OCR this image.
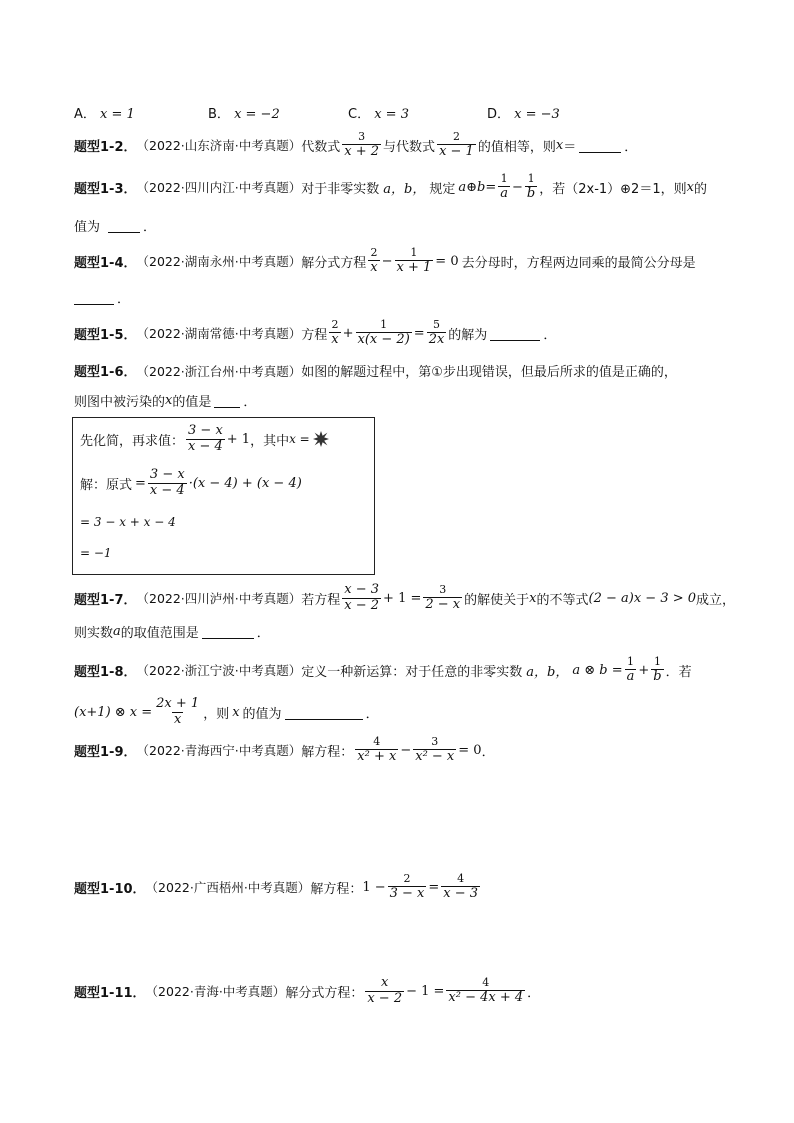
A． x = 1	B． x = −2	C． x = 3	D． x = −3
题型1-2． （2022·山东济南·中考真题） 代数式 $\frac{3}{x + 2}$ 与代数式 $\frac{2}{x - 1}$ 的值相等，则 x ＝	．
题型1-3． （2022·四川内江·中考真题） 对于非零实数 a，b， 规定 a⊕b= $\frac{1}{a} - \frac{1}{b}$ ，若（2x-1）⊕2＝1，则 x 的
值为	．
题型1-4． （2022·湖南永州·中考真题） 解分式方程 $\frac{2}{x} - \frac{1}{x + 1} = 0$ 去分母时，方程两边同乘的最简公分母是
．
题型1-5． （2022·湖南常德·中考真题） 方程 $\frac{2}{x} + \frac{1}{x(x - 2)} = \frac{5}{2x}$ 的解为	．
题型1-6． （2022·浙江台州·中考真题） 如图的解题过程中，第①步出现错误，但最后所求的值是正确的，
则图中被污染的 x 的值是 ．
先化简，再求值： $\frac{3 - x}{x - 4} + 1$ ，其中 x =
解：原式 = $\frac{3 - x}{x - 4} \cdot(x - 4) + (x - 4)$
= 3 − x + x − 4
= −1
题型1-7． （2022·四川泸州·中考真题） 若方程 $\frac{x - 3}{x - 2} + 1 = \frac{3}{2 - x}$ 的解使关于 x 的不等式 (2 − a)x − 3 > 0 成立，
则实数 a 的取值范围是	．
题型1-8． （2022·浙江宁波·中考真题） 定义一种新运算：对于任意的非零实数 a，b， a ⊗ $b = \frac{1}{a} + \frac{1}{b}$ ．若
(x+1) ⊗ $x = \frac{2x + 1}{x}$ ，则 x 的值为	．
题型1-9． （2022·青海西宁·中考真题） 解方程： $\frac{4}{\text{x² + x}} - \frac{3}{\text{x² − x}} = 0$ ．
题型1-10． （2022·广西梧州·中考真题） 解方程： $1 - \frac{2}{3 - x} = \frac{4}{x - 3}$
题型1-11． （2022·青海·中考真题） 解分式方程： $\frac{x}{x - 2} - 1 = \frac{4}{\text{x² − 4x + 4}}$ ．
